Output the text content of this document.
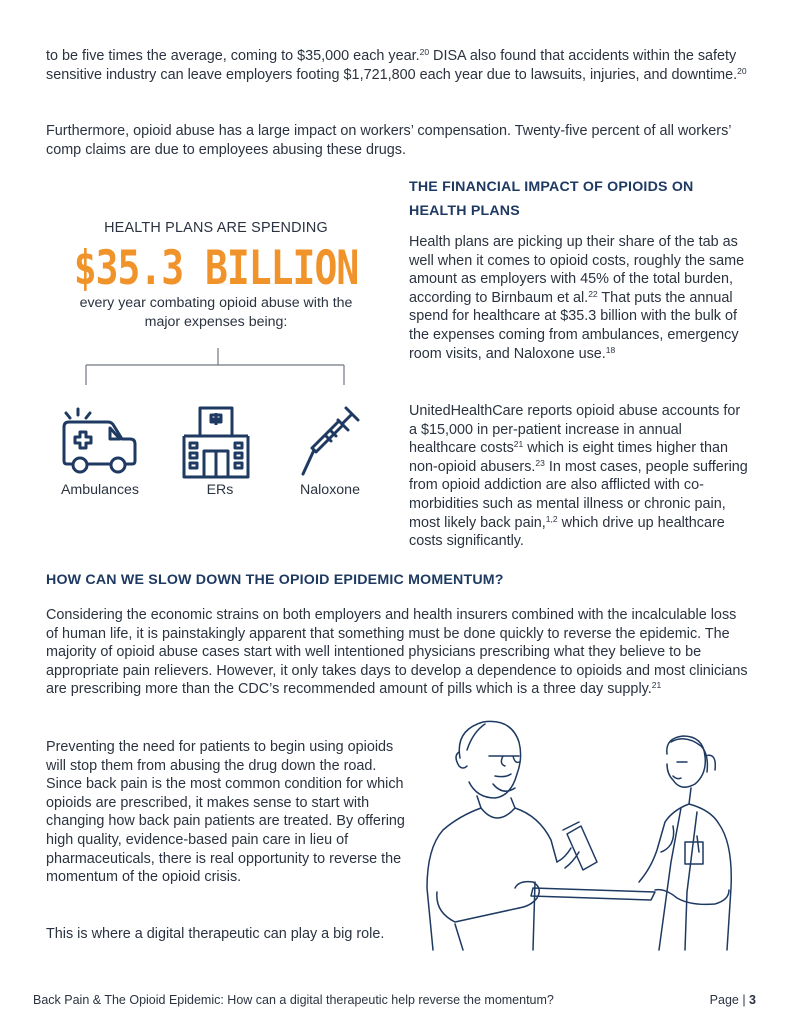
to be five times the average, coming to $35,000 each year.$^{20}$ DISA also found that accidents within the safety sensitive industry can leave employers footing $1,721,800 each year due to lawsuits, injuries, and downtime.$^{20}$

Furthermore, opioid abuse has a large impact on workers’ compensation. Twenty-five percent of all workers’ comp claims are due to employees abusing these drugs.

HEALTH PLANS ARE SPENDING

$35.3 BILLION

every year combating opioid abuse with the major expenses being:

Ambulances	ERs	Naloxone

THE FINANCIAL IMPACT OF OPIOIDS ON HEALTH PLANS

Health plans are picking up their share of the tab as well when it comes to opioid costs, roughly the same amount as employers with 45% of the total burden, according to Birnbaum et al.$^{22}$ That puts the annual spend for healthcare at $35.3 billion with the bulk of the expenses coming from ambulances, emergency room visits, and Naloxone use.$^{18}$

UnitedHealthCare reports opioid abuse accounts for a $15,000 in per-patient increase in annual healthcare costs$^{21}$ which is eight times higher than non-opioid abusers.$^{23}$ In most cases, people suffering from opioid addiction are also afflicted with co-morbidities such as mental illness or chronic pain, most likely back pain,$^{1,2}$ which drive up healthcare costs significantly.

HOW CAN WE SLOW DOWN THE OPIOID EPIDEMIC MOMENTUM?

Considering the economic strains on both employers and health insurers combined with the incalculable loss of human life, it is painstakingly apparent that something must be done quickly to reverse the epidemic. The majority of opioid abuse cases start with well intentioned physicians prescribing what they believe to be appropriate pain relievers. However, it only takes days to develop a dependence to opioids and most clinicians are prescribing more than the CDC’s recommended amount of pills which is a three day supply.$^{21}$

Preventing the need for patients to begin using opioids will stop them from abusing the drug down the road. Since back pain is the most common condition for which opioids are prescribed, it makes sense to start with changing how back pain patients are treated. By offering high quality, evidence-based pain care in lieu of pharmaceuticals, there is real opportunity to reverse the momentum of the opioid crisis.

This is where a digital therapeutic can play a big role.

Back Pain & The Opioid Epidemic: How can a digital therapeutic help reverse the momentum?	Page | 3
